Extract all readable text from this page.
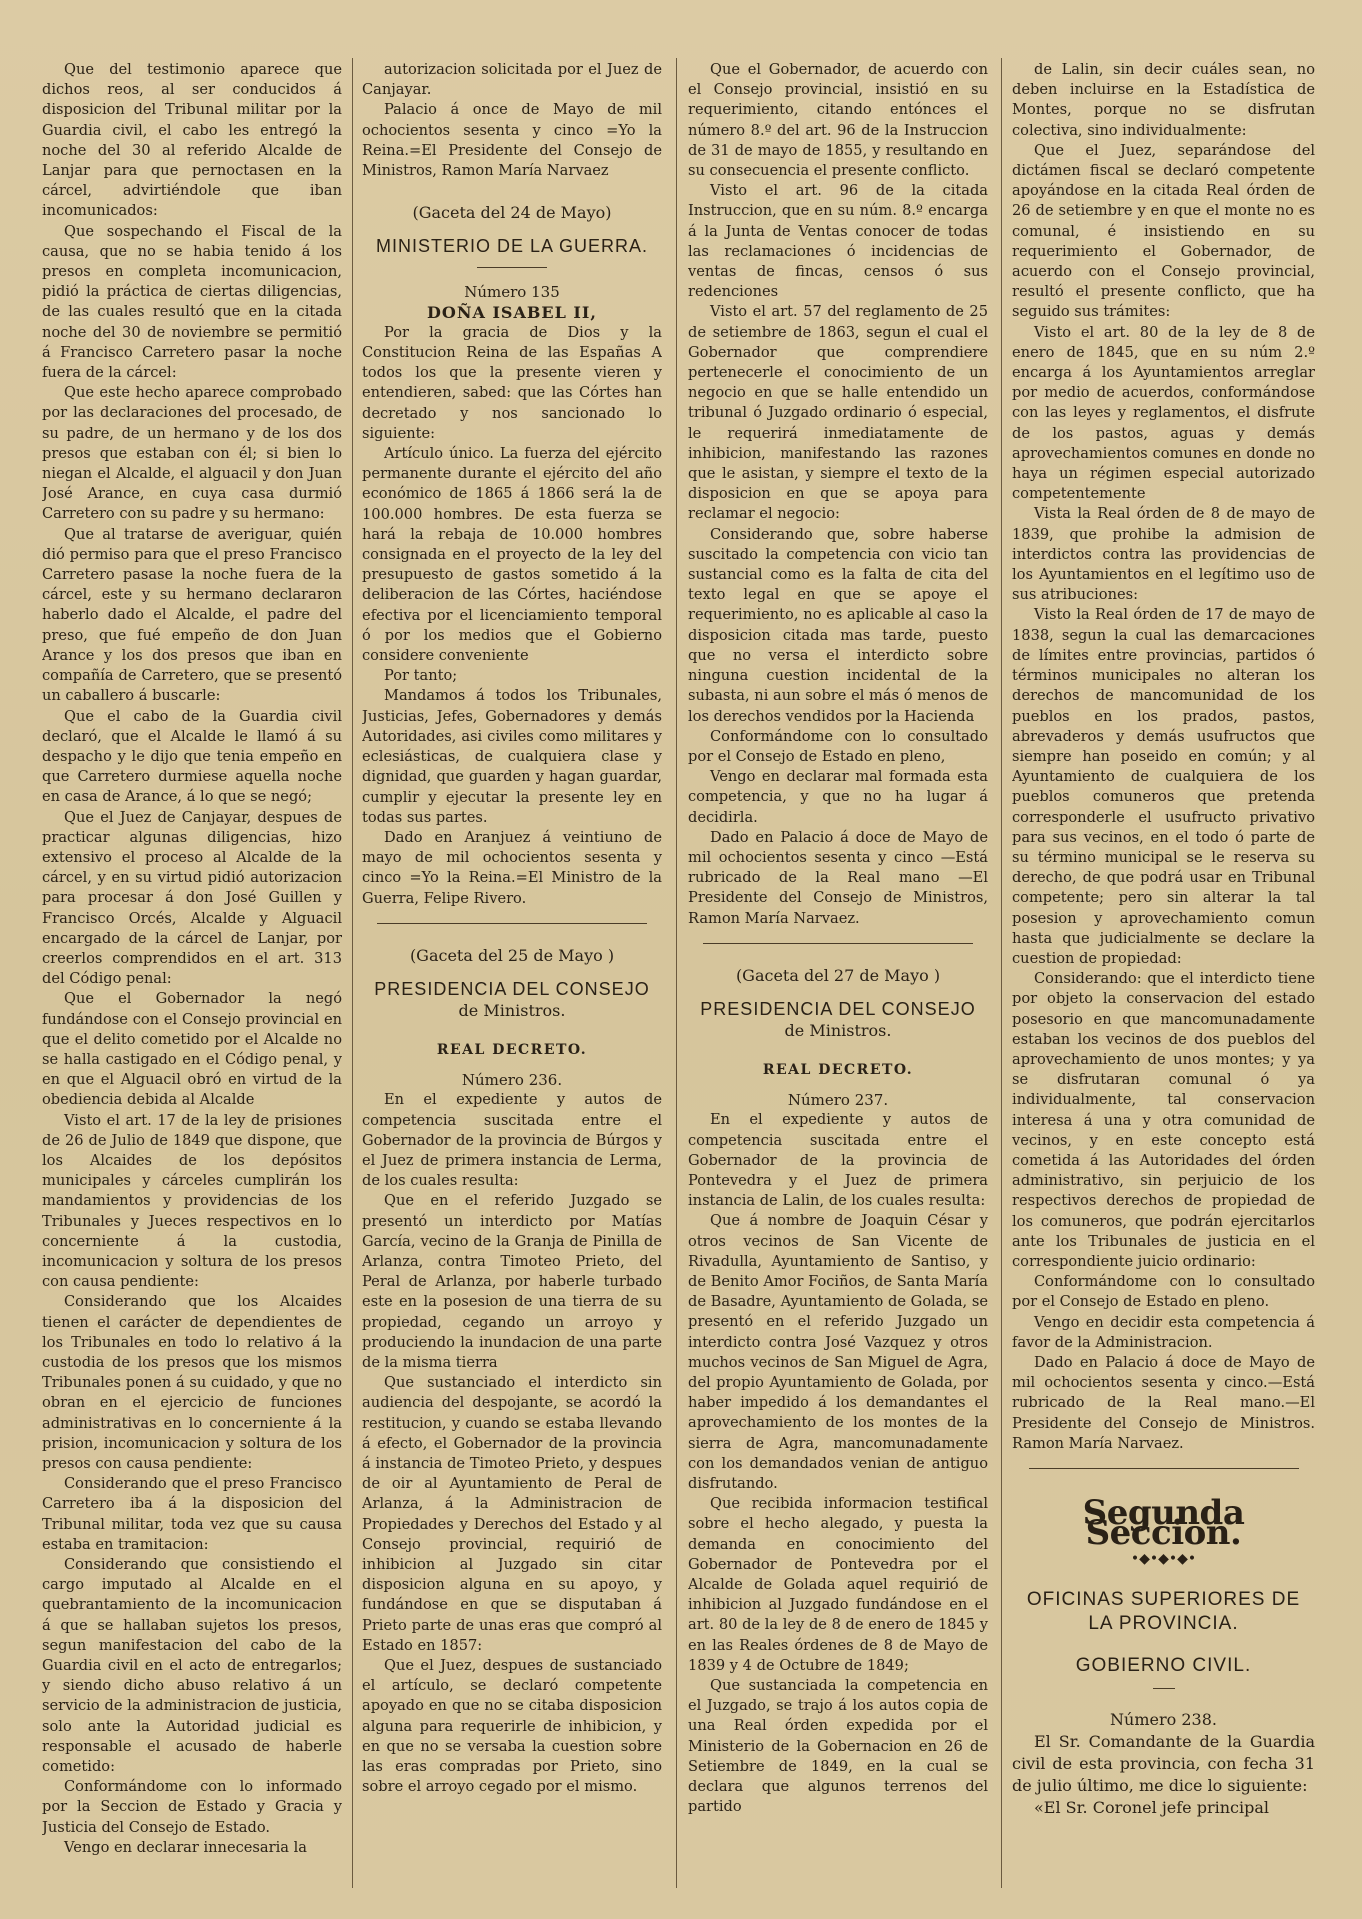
Que del testimonio aparece que dichos reos, al ser conducidos á disposicion del Tribunal militar por la Guardia civil, el cabo les entregó la noche del 30 al referido Alcalde de Lanjar para que pernoctasen en la cárcel, advirtiéndole que iban incomunicados:

Que sospechando el Fiscal de la causa, que no se habia tenido á los presos en completa incomunicacion, pidió la práctica de ciertas diligencias, de las cuales resultó que en la citada noche del 30 de noviembre se permitió á Francisco Carretero pasar la noche fuera de la cárcel:

Que este hecho aparece comprobado por las declaraciones del procesado, de su padre, de un hermano y de los dos presos que estaban con él; si bien lo niegan el Alcalde, el alguacil y don Juan José Arance, en cuya casa durmió Carretero con su padre y su hermano:

Que al tratarse de averiguar, quién dió permiso para que el preso Francisco Carretero pasase la noche fuera de la cárcel, este y su hermano declararon haberlo dado el Alcalde, el padre del preso, que fué empeño de don Juan Arance y los dos presos que iban en compañía de Carretero, que se presentó un caballero á buscarle:

Que el cabo de la Guardia civil declaró, que el Alcalde le llamó á su despacho y le dijo que tenia empeño en que Carretero durmiese aquella noche en casa de Arance, á lo que se negó;

Que el Juez de Canjayar, despues de practicar algunas diligencias, hizo extensivo el proceso al Alcalde de la cárcel, y en su virtud pidió autorizacion para procesar á don José Guillen y Francisco Orcés, Alcalde y Alguacil encargado de la cárcel de Lanjar, por creerlos comprendidos en el art. 313 del Código penal:

Que el Gobernador la negó fundándose con el Consejo provincial en que el delito cometido por el Alcalde no se halla castigado en el Código penal, y en que el Alguacil obró en virtud de la obediencia debida al Alcalde

Visto el art. 17 de la ley de prisiones de 26 de Julio de 1849 que dispone, que los Alcaides de los depósitos municipales y cárceles cumplirán los mandamientos y providencias de los Tribunales y Jueces respectivos en lo concerniente á la custodia, incomunicacion y soltura de los presos con causa pendiente:

Considerando que los Alcaides tienen el carácter de dependientes de los Tribunales en todo lo relativo á la custodia de los presos que los mismos Tribunales ponen á su cuidado, y que no obran en el ejercicio de funciones administrativas en lo concerniente á la prision, incomunicacion y soltura de los presos con causa pendiente:

Considerando que el preso Francisco Carretero iba á la disposicion del Tribunal militar, toda vez que su causa estaba en tramitacion:

Considerando que consistiendo el cargo imputado al Alcalde en el quebrantamiento de la incomunicacion á que se hallaban sujetos los presos, segun manifestacion del cabo de la Guardia civil en el acto de entregarlos; y siendo dicho abuso relativo á un servicio de la administracion de justicia, solo ante la Autoridad judicial es responsable el acusado de haberle cometido:

Conformándome con lo informado por la Seccion de Estado y Gracia y Justicia del Consejo de Estado.

Vengo en declarar innecesaria la

autorizacion solicitada por el Juez de Canjayar.

Palacio á once de Mayo de mil ochocientos sesenta y cinco =Yo la Reina.=El Presidente del Consejo de Ministros, Ramon María Narvaez

(Gaceta del 24 de Mayo)
MINISTERIO DE LA GUERRA.
Número 135
DOÑA ISABEL II,

Por la gracia de Dios y la Constitucion Reina de las Españas A todos los que la presente vieren y entendieren, sabed: que las Córtes han decretado y nos sancionado lo siguiente:

Artículo único. La fuerza del ejército permanente durante el ejército del año económico de 1865 á 1866 será la de 100.000 hombres. De esta fuerza se hará la rebaja de 10.000 hombres consignada en el proyecto de la ley del presupuesto de gastos sometido á la deliberacion de las Córtes, haciéndose efectiva por el licenciamiento temporal ó por los medios que el Gobierno considere conveniente

Por tanto;

Mandamos á todos los Tribunales, Justicias, Jefes, Gobernadores y demás Autoridades, asi civiles como militares y eclesiásticas, de cualquiera clase y dignidad, que guarden y hagan guardar, cumplir y ejecutar la presente ley en todas sus partes.

Dado en Aranjuez á veintiuno de mayo de mil ochocientos sesenta y cinco =Yo la Reina.=El Ministro de la Guerra, Felipe Rivero.

(Gaceta del 25 de Mayo )
PRESIDENCIA DEL CONSEJO
de Ministros.
REAL DECRETO.
Número 236.

En el expediente y autos de competencia suscitada entre el Gobernador de la provincia de Búrgos y el Juez de primera instancia de Lerma, de los cuales resulta:

Que en el referido Juzgado se presentó un interdicto por Matías García, vecino de la Granja de Pinilla de Arlanza, contra Timoteo Prieto, del Peral de Arlanza, por haberle turbado este en la posesion de una tierra de su propiedad, cegando un arroyo y produciendo la inundacion de una parte de la misma tierra

Que sustanciado el interdicto sin audiencia del despojante, se acordó la restitucion, y cuando se estaba llevando á efecto, el Gobernador de la provincia á instancia de Timoteo Prieto, y despues de oir al Ayuntamiento de Peral de Arlanza, á la Administracion de Propiedades y Derechos del Estado y al Consejo provincial, requirió de inhibicion al Juzgado sin citar disposicion alguna en su apoyo, y fundándose en que se disputaban á Prieto parte de unas eras que compró al Estado en 1857:

Que el Juez, despues de sustanciado el artículo, se declaró competente apoyado en que no se citaba disposicion alguna para requerirle de inhibicion, y en que no se versaba la cuestion sobre las eras compradas por Prieto, sino sobre el arroyo cegado por el mismo.

Que el Gobernador, de acuerdo con el Consejo provincial, insistió en su requerimiento, citando entónces el número 8.º del art. 96 de la Instruccion de 31 de mayo de 1855, y resultando en su consecuencia el presente conflicto.

Visto el art. 96 de la citada Instruccion, que en su núm. 8.º encarga á la Junta de Ventas conocer de todas las reclamaciones ó incidencias de ventas de fincas, censos ó sus redenciones

Visto el art. 57 del reglamento de 25 de setiembre de 1863, segun el cual el Gobernador que comprendiere pertenecerle el conocimiento de un negocio en que se halle entendido un tribunal ó Juzgado ordinario ó especial, le requerirá inmediatamente de inhibicion, manifestando las razones que le asistan, y siempre el texto de la disposicion en que se apoya para reclamar el negocio:

Considerando que, sobre haberse suscitado la competencia con vicio tan sustancial como es la falta de cita del texto legal en que se apoye el requerimiento, no es aplicable al caso la disposicion citada mas tarde, puesto que no versa el interdicto sobre ninguna cuestion incidental de la subasta, ni aun sobre el más ó menos de los derechos vendidos por la Hacienda

Conformándome con lo consultado por el Consejo de Estado en pleno,

Vengo en declarar mal formada esta competencia, y que no ha lugar á decidirla.

Dado en Palacio á doce de Mayo de mil ochocientos sesenta y cinco —Está rubricado de la Real mano —El Presidente del Consejo de Ministros, Ramon María Narvaez.

(Gaceta del 27 de Mayo )
PRESIDENCIA DEL CONSEJO
de Ministros.
REAL DECRETO.
Número 237.

En el expediente y autos de competencia suscitada entre el Gobernador de la provincia de Pontevedra y el Juez de primera instancia de Lalin, de los cuales resulta:

Que á nombre de Joaquin César y otros vecinos de San Vicente de Rivadulla, Ayuntamiento de Santiso, y de Benito Amor Fociños, de Santa María de Basadre, Ayuntamiento de Golada, se presentó en el referido Juzgado un interdicto contra José Vazquez y otros muchos vecinos de San Miguel de Agra, del propio Ayuntamiento de Golada, por haber impedido á los demandantes el aprovechamiento de los montes de la sierra de Agra, mancomunadamente con los demandados venian de antiguo disfrutando.

Que recibida informacion testifical sobre el hecho alegado, y puesta la demanda en conocimiento del Gobernador de Pontevedra por el Alcalde de Golada aquel requirió de inhibicion al Juzgado fundándose en el art. 80 de la ley de 8 de enero de 1845 y en las Reales órdenes de 8 de Mayo de 1839 y 4 de Octubre de 1849;

Que sustanciada la competencia en el Juzgado, se trajo á los autos copia de una Real órden expedida por el Ministerio de la Gobernacion en 26 de Setiembre de 1849, en la cual se declara que algunos terrenos del partido

de Lalin, sin decir cuáles sean, no deben incluirse en la Estadística de Montes, porque no se disfrutan colectiva, sino individualmente:

Que el Juez, separándose del dictámen fiscal se declaró competente apoyándose en la citada Real órden de 26 de setiembre y en que el monte no es comunal, é insistiendo en su requerimiento el Gobernador, de acuerdo con el Consejo provincial, resultó el presente conflicto, que ha seguido sus trámites:

Visto el art. 80 de la ley de 8 de enero de 1845, que en su núm 2.º encarga á los Ayuntamientos arreglar por medio de acuerdos, conformándose con las leyes y reglamentos, el disfrute de los pastos, aguas y demás aprovechamientos comunes en donde no haya un régimen especial autorizado competentemente

Vista la Real órden de 8 de mayo de 1839, que prohibe la admision de interdictos contra las providencias de los Ayuntamientos en el legítimo uso de sus atribuciones:

Visto la Real órden de 17 de mayo de 1838, segun la cual las demarcaciones de límites entre provincias, partidos ó términos municipales no alteran los derechos de mancomunidad de los pueblos en los prados, pastos, abrevaderos y demás usufructos que siempre han poseido en común; y al Ayuntamiento de cualquiera de los pueblos comuneros que pretenda corresponderle el usufructo privativo para sus vecinos, en el todo ó parte de su término municipal se le reserva su derecho, de que podrá usar en Tribunal competente; pero sin alterar la tal posesion y aprovechamiento comun hasta que judicialmente se declare la cuestion de propiedad:

Considerando: que el interdicto tiene por objeto la conservacion del estado posesorio en que mancomunadamente estaban los vecinos de dos pueblos del aprovechamiento de unos montes; y ya se disfrutaran comunal ó ya individualmente, tal conservacion interesa á una y otra comunidad de vecinos, y en este concepto está cometida á las Autoridades del órden administrativo, sin perjuicio de los respectivos derechos de propiedad de los comuneros, que podrán ejercitarlos ante los Tribunales de justicia en el correspondiente juicio ordinario:

Conformándome con lo consultado por el Consejo de Estado en pleno.

Vengo en decidir esta competencia á favor de la Administracion.

Dado en Palacio á doce de Mayo de mil ochocientos sesenta y cinco.—Está rubricado de la Real mano.—El Presidente del Consejo de Ministros. Ramon María Narvaez.

Segunda Seccion.
•◆•◆•◆•
OFICINAS SUPERIORES DE LA PROVINCIA.
GOBIERNO CIVIL.
Número 238.

El Sr. Comandante de la Guardia civil de esta provincia, con fecha 31 de julio último, me dice lo siguiente:

«El Sr. Coronel jefe principal
